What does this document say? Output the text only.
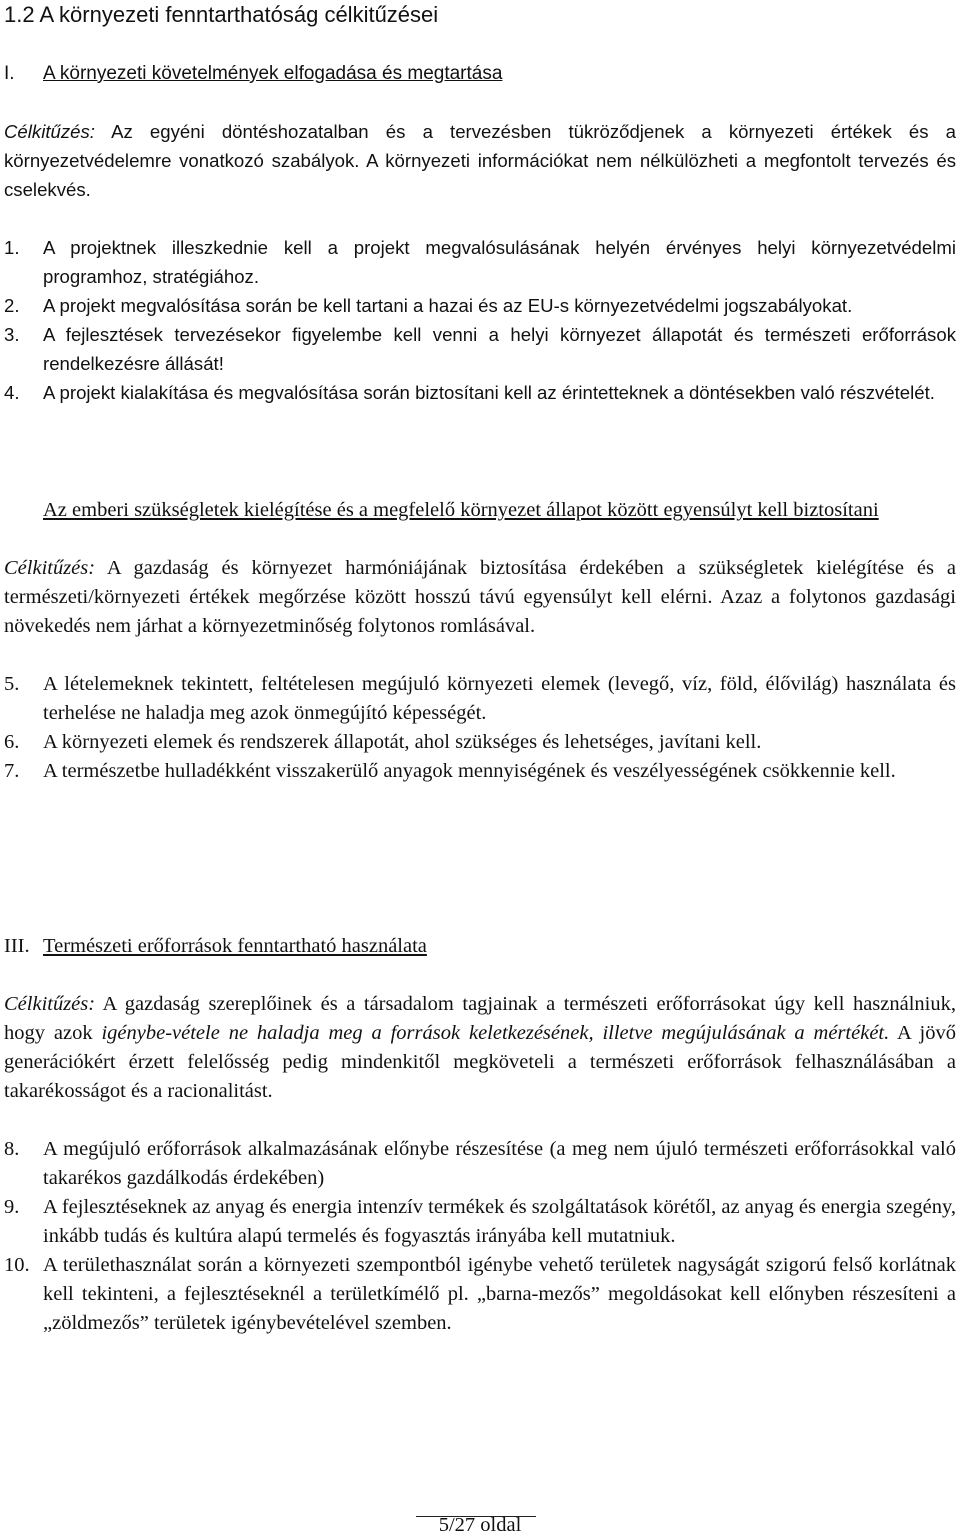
1.2 A környezeti fenntarthatóság célkitűzései
I. A környezeti követelmények elfogadása és megtartása
Célkitűzés: Az egyéni döntéshozatalban és a tervezésben tükröződjenek a környezeti értékek és a környezetvédelemre vonatkozó szabályok. A környezeti információkat nem nélkülözheti a megfontolt tervezés és cselekvés.
1. A projektnek illeszkednie kell a projekt megvalósulásának helyén érvényes helyi környezetvédelmi programhoz, stratégiához.
2. A projekt megvalósítása során be kell tartani a hazai és az EU-s környezetvédelmi jogszabályokat.
3. A fejlesztések tervezésekor figyelembe kell venni a helyi környezet állapotát és természeti erőforrások rendelkezésre állását!
4. A projekt kialakítása és megvalósítása során biztosítani kell az érintetteknek a döntésekben való részvételét.
Az emberi szükségletek kielégítése és a megfelelő környezet állapot között egyensúlyt kell biztosítani
Célkitűzés: A gazdaság és környezet harmóniájának biztosítása érdekében a szükségletek kielégítése és a természeti/környezeti értékek megőrzése között hosszú távú egyensúlyt kell elérni. Azaz a folytonos gazdasági növekedés nem járhat a környezetminőség folytonos romlásával.
5. A lételemeknek tekintett, feltételesen megújuló környezeti elemek (levegő, víz, föld, élővilág) használata és terhelése ne haladja meg azok önmegújító képességét.
6. A környezeti elemek és rendszerek állapotát, ahol szükséges és lehetséges, javítani kell.
7. A természetbe hulladékként visszakerülő anyagok mennyiségének és veszélyességének csökkennie kell.
III. Természeti erőforrások fenntartható használata
Célkitűzés: A gazdaság szereplőinek és a társadalom tagjainak a természeti erőforrásokat úgy kell használniuk, hogy azok igénybe-vétele ne haladja meg a források keletkezésének, illetve megújulásának a mértékét. A jövő generációkért érzett felelősség pedig mindenkitől megköveteli a természeti erőforrások felhasználásában a takarékosságot és a racionalitást.
8. A megújuló erőforrások alkalmazásának előnybe részesítése (a meg nem újuló természeti erőforrásokkal való takarékos gazdálkodás érdekében)
9. A fejlesztéseknek az anyag és energia intenzív termékek és szolgáltatások körétől, az anyag és energia szegény, inkább tudás és kultúra alapú termelés és fogyasztás irányába kell mutatniuk.
10. A területhasználat során a környezeti szempontból igénybe vehető területek nagyságát szigorú felső korlátnak kell tekinteni, a fejlesztéseknél a területkímélő pl. „barna-mezős” megoldásokat kell előnyben részesíteni a „zöldmezős” területek igénybevételével szemben.
5/27 oldal
